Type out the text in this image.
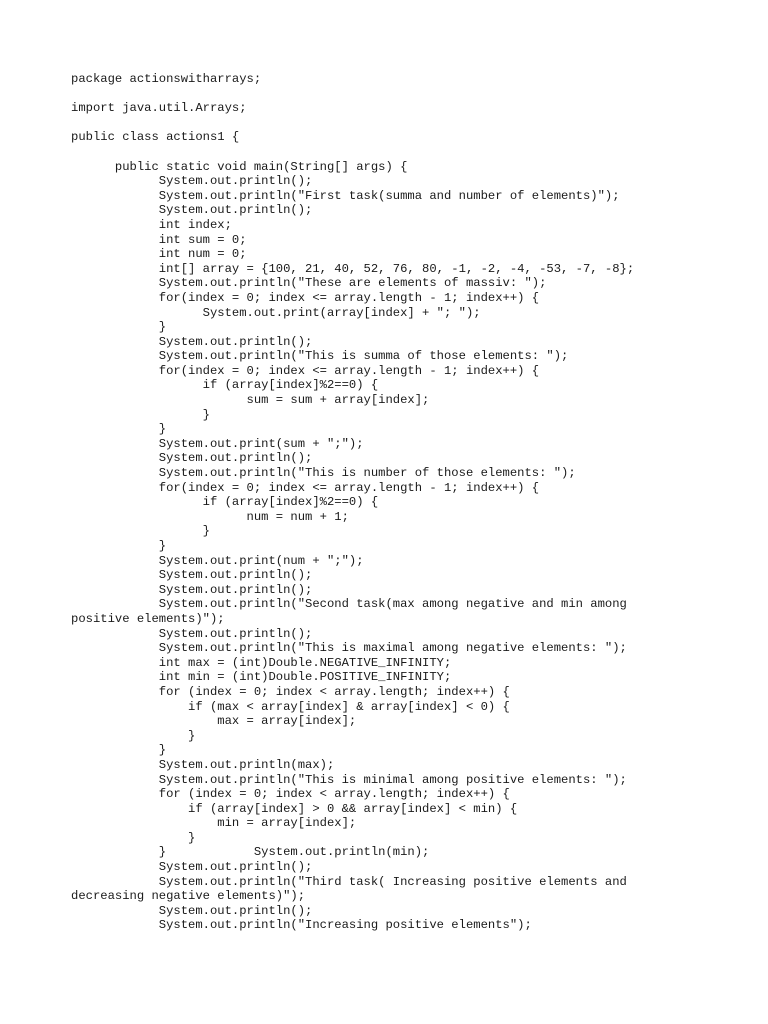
package actionswitharrays;
import java.util.Arrays;
public class actions1 {
public static void main(String[] args) {
System.out.println();
System.out.println("First task(summa and number of elements)");
System.out.println();
int index;
int sum = 0;
int num = 0;
int[] array = {100, 21, 40, 52, 76, 80, -1, -2, -4, -53, -7, -8};
System.out.println("These are elements of massiv: ");
for(index = 0; index <= array.length - 1; index++) {
System.out.print(array[index] + "; ");
}
System.out.println();
System.out.println("This is summa of those elements: ");
for(index = 0; index <= array.length - 1; index++) {
if (array[index]%2==0) {
sum = sum + array[index];
}
}
System.out.print(sum + ";");
System.out.println();
System.out.println("This is number of those elements: ");
for(index = 0; index <= array.length - 1; index++) {
if (array[index]%2==0) {
num = num + 1;
}
}
System.out.print(num + ";");
System.out.println();
System.out.println();
System.out.println("Second task(max among negative and min among
positive elements)");
System.out.println();
System.out.println("This is maximal among negative elements: ");
int max = (int)Double.NEGATIVE_INFINITY;
int min = (int)Double.POSITIVE_INFINITY;
for (index = 0; index < array.length; index++) {
if (max < array[index] & array[index] < 0) {
max = array[index];
}
}
System.out.println(max);
System.out.println("This is minimal among positive elements: ");
for (index = 0; index < array.length; index++) {
if (array[index] > 0 && array[index] < min) {
min = array[index];
}
}            System.out.println(min);
System.out.println();
System.out.println("Third task( Increasing positive elements and
decreasing negative elements)");
System.out.println();
System.out.println("Increasing positive elements");
